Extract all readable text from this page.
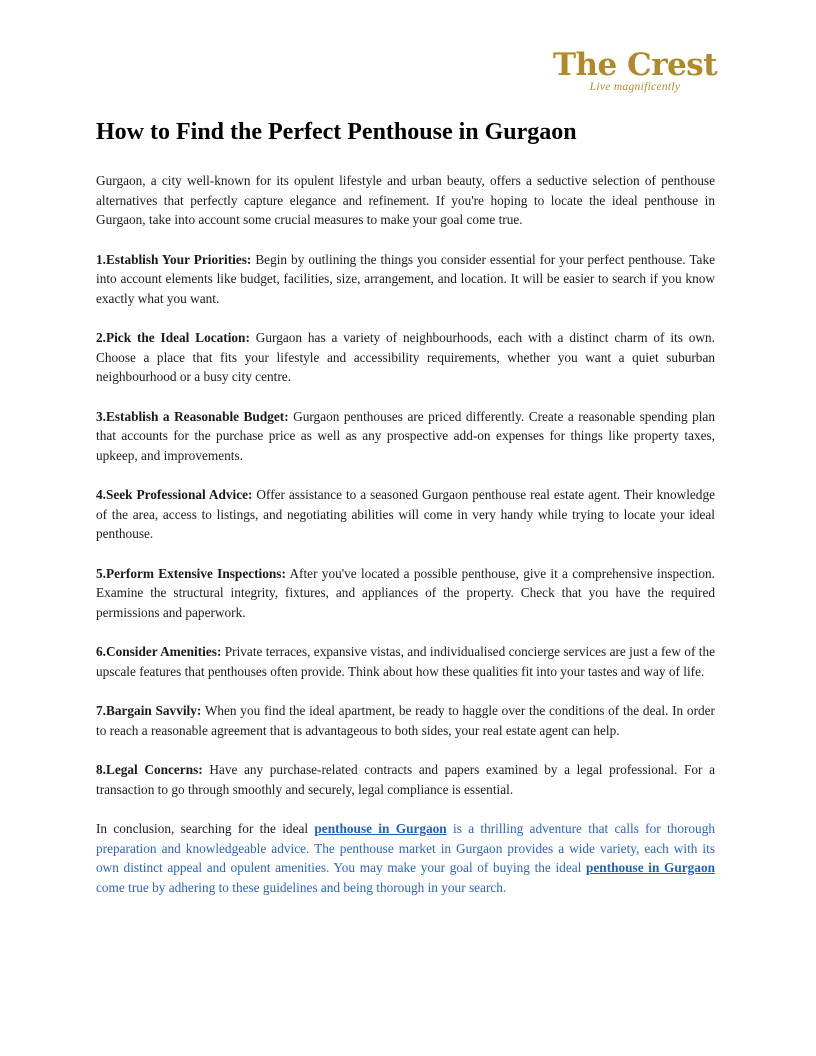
The Crest
Live magnificently
How to Find the Perfect Penthouse in Gurgaon

Gurgaon, a city well-known for its opulent lifestyle and urban beauty, offers a seductive selection of penthouse alternatives that perfectly capture elegance and refinement. If you're hoping to locate the ideal penthouse in Gurgaon, take into account some crucial measures to make your goal come true.

1.Establish Your Priorities: Begin by outlining the things you consider essential for your perfect penthouse. Take into account elements like budget, facilities, size, arrangement, and location. It will be easier to search if you know exactly what you want.

2.Pick the Ideal Location: Gurgaon has a variety of neighbourhoods, each with a distinct charm of its own. Choose a place that fits your lifestyle and accessibility requirements, whether you want a quiet suburban neighbourhood or a busy city centre.

3.Establish a Reasonable Budget: Gurgaon penthouses are priced differently. Create a reasonable spending plan that accounts for the purchase price as well as any prospective add-on expenses for things like property taxes, upkeep, and improvements.

4.Seek Professional Advice: Offer assistance to a seasoned Gurgaon penthouse real estate agent. Their knowledge of the area, access to listings, and negotiating abilities will come in very handy while trying to locate your ideal penthouse.

5.Perform Extensive Inspections: After you've located a possible penthouse, give it a comprehensive inspection. Examine the structural integrity, fixtures, and appliances of the property. Check that you have the required permissions and paperwork.

6.Consider Amenities: Private terraces, expansive vistas, and individualised concierge services are just a few of the upscale features that penthouses often provide. Think about how these qualities fit into your tastes and way of life.

7.Bargain Savvily: When you find the ideal apartment, be ready to haggle over the conditions of the deal. In order to reach a reasonable agreement that is advantageous to both sides, your real estate agent can help.

8.Legal Concerns: Have any purchase-related contracts and papers examined by a legal professional. For a transaction to go through smoothly and securely, legal compliance is essential.

In conclusion, searching for the ideal penthouse in Gurgaon is a thrilling adventure that calls for thorough preparation and knowledgeable advice. The penthouse market in Gurgaon provides a wide variety, each with its own distinct appeal and opulent amenities. You may make your goal of buying the ideal penthouse in Gurgaon come true by adhering to these guidelines and being thorough in your search.
